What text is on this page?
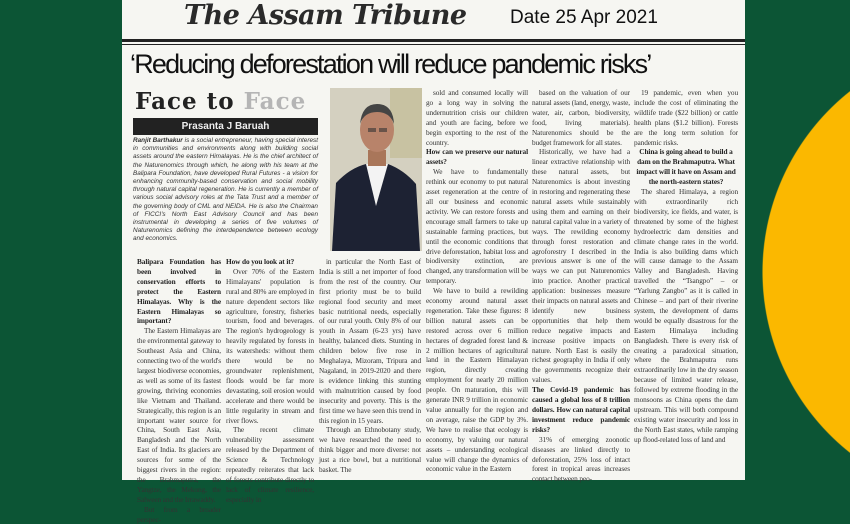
The Assam Tribune Date 25 Apr 2021
‘Reducing deforestation will reduce pandemic risks’
Face to Face
Prasanta J Baruah
Ranjit Barthakur is a social entrepreneur, having special interest in communities and environments along with building social assets around the eastern Himalayas. He is the chief architect of the Naturenomics through which, he along with his team at the Balipara Foundation, have developed Rural Futures - a vision for enhancing community-based conservation and social mobility through natural capital regeneration. He is currently a member of various social advisory roles at the Tata Trust and a member of the governing body of CML and NEIDA. He is also the Chairman of FICCI's North East Advisory Council and has been instrumental in developing a series of five volumes of Naturenomics defining the interdependence between ecology and economics.

Balipara Foundation has been involved in conservation efforts to protect the Eastern Himalayas. Why is the Eastern Himalayas so important?

The Eastern Himalayas are the environmental gateway to Southeast Asia and China, connecting two of the world's largest biodiverse economies, as well as some of its fastest growing, thriving economies like Vietnam and Thailand. Strategically, this region is an important water source for China, South East Asia, Bangladesh and the North East of India. Its glaciers are sources for some of the biggest rivers in the region: the Brahmaputra, the Yangtze, the Mekong, the Salween and the Irrawaddy.

But from a broader perspec-

How do you look at it?

Over 70% of the Eastern Himalayans' population is rural and 80% are employed in nature dependent sectors like agriculture, forestry, fisheries tourism, food and beverages. The region's hydrogeology is heavily regulated by forests in its watersheds: without them there would be no groundwater replenishment, floods would be far more devastating, soil erosion would accelerate and there would be little regularity in stream and river flows.

The recent climate vulnerability assessment released by the Department of Science & Technology repeatedly reiterates that lack of forests contribute directly to lack of climate resilience, especially in

in particular the North East of India is still a net importer of food from the rest of the country. Our first priority must be to build regional food security and meet basic nutritional needs, especially of our rural youth. Only 8% of our youth in Assam (6-23 yrs) have healthy, balanced diets. Stunting in children below five rose in Meghalaya, Mizoram, Tripura and Nagaland, in 2019-2020 and there is evidence linking this stunting with malnutrition caused by food insecurity and poverty. This is the first time we have seen this trend in this region in 15 years.

Through an Ethnobotany study, we have researched the need to think bigger and more diverse: not just a rice bowl, but a nutritional basket. The

sold and consumed locally will go a long way in solving the undernutrition crisis our children and youth are facing, before we begin exporting to the rest of the country.

How can we preserve our natural assets?

We have to fundamentally rethink our economy to put natural asset regeneration at the centre of all our business and economic activity. We can restore forests and encourage small farmers to take up sustainable farming practices, but until the economic conditions that drive deforestation, habitat loss and biodiversity extinction, are changed, any transformation will be temporary.

We have to build a rewilding economy around natural asset regeneration. Take these figures: 8 billion natural assets can be restored across over 6 million hectares of degraded forest land & 2 million hectares of agricultural land in the Eastern Himalayan region, directly creating employment for nearly 20 million people. On maturation, this will generate INR 9 trillion in economic value annually for the region and on average, raise the GDP by 3%. We have to realise that ecology is economy, by valuing our natural assets – understanding ecological value will change the dynamics of economic value in the Eastern

based on the valuation of our natural assets (land, energy, waste, water, air, carbon, biodiversity, food, living materials). Naturenomics should be the budget framework for all states.

Historically, we have had a linear extractive relationship with these natural assets, but Naturenomics is about investing in restoring and regenerating these natural assets while sustainably using them and earning on their natural capital value in a variety of ways. The rewilding economy through forest restoration and agroforestry I described in the previous answer is one of the ways we can put Naturenomics into practice. Another practical application: businesses measure their impacts on natural assets and identify new business opportunities that help them reduce negative impacts and increase positive impacts on nature. North East is easily the richest geography in India if only the governments recognize their values.

The Covid-19 pandemic has caused a global loss of 8 trillion dollars. How can natural capital investment reduce pandemic risks?

31% of emerging zoonotic diseases are linked directly to deforestation, 25% loss of intact forest in tropical areas increases contact between peo-

19 pandemic, even when you include the cost of eliminating the wildlife trade ($22 billion) or cattle health plans ($1.2 billion). Forests are the long term solution for pandemic risks.

China is going ahead to build a dam on the Brahmaputra. What impact will it have on Assam and the north-eastern states?

The shared Himalaya, a region with extraordinarily rich biodiversity, ice fields, and water, is threatened by some of the highest hydroelectric dam densities and climate change rates in the world. India is also building dams which will cause damage to the Assam Valley and Bangladesh. Having travelled the “Tsangpo” – or “Yarlung Zangbo” as it is called in Chinese – and part of their riverine system, the development of dams would be equally disastrous for the Eastern Himalaya including Bangladesh. There is every risk of creating a paradoxical situation, where the Brahmaputra runs extraordinarily low in the dry season because of limited water release, followed by extreme flooding in the monsoons as China opens the dam upstream. This will both compound existing water insecurity and loss in the North East states, while ramping up flood-related loss of land and
